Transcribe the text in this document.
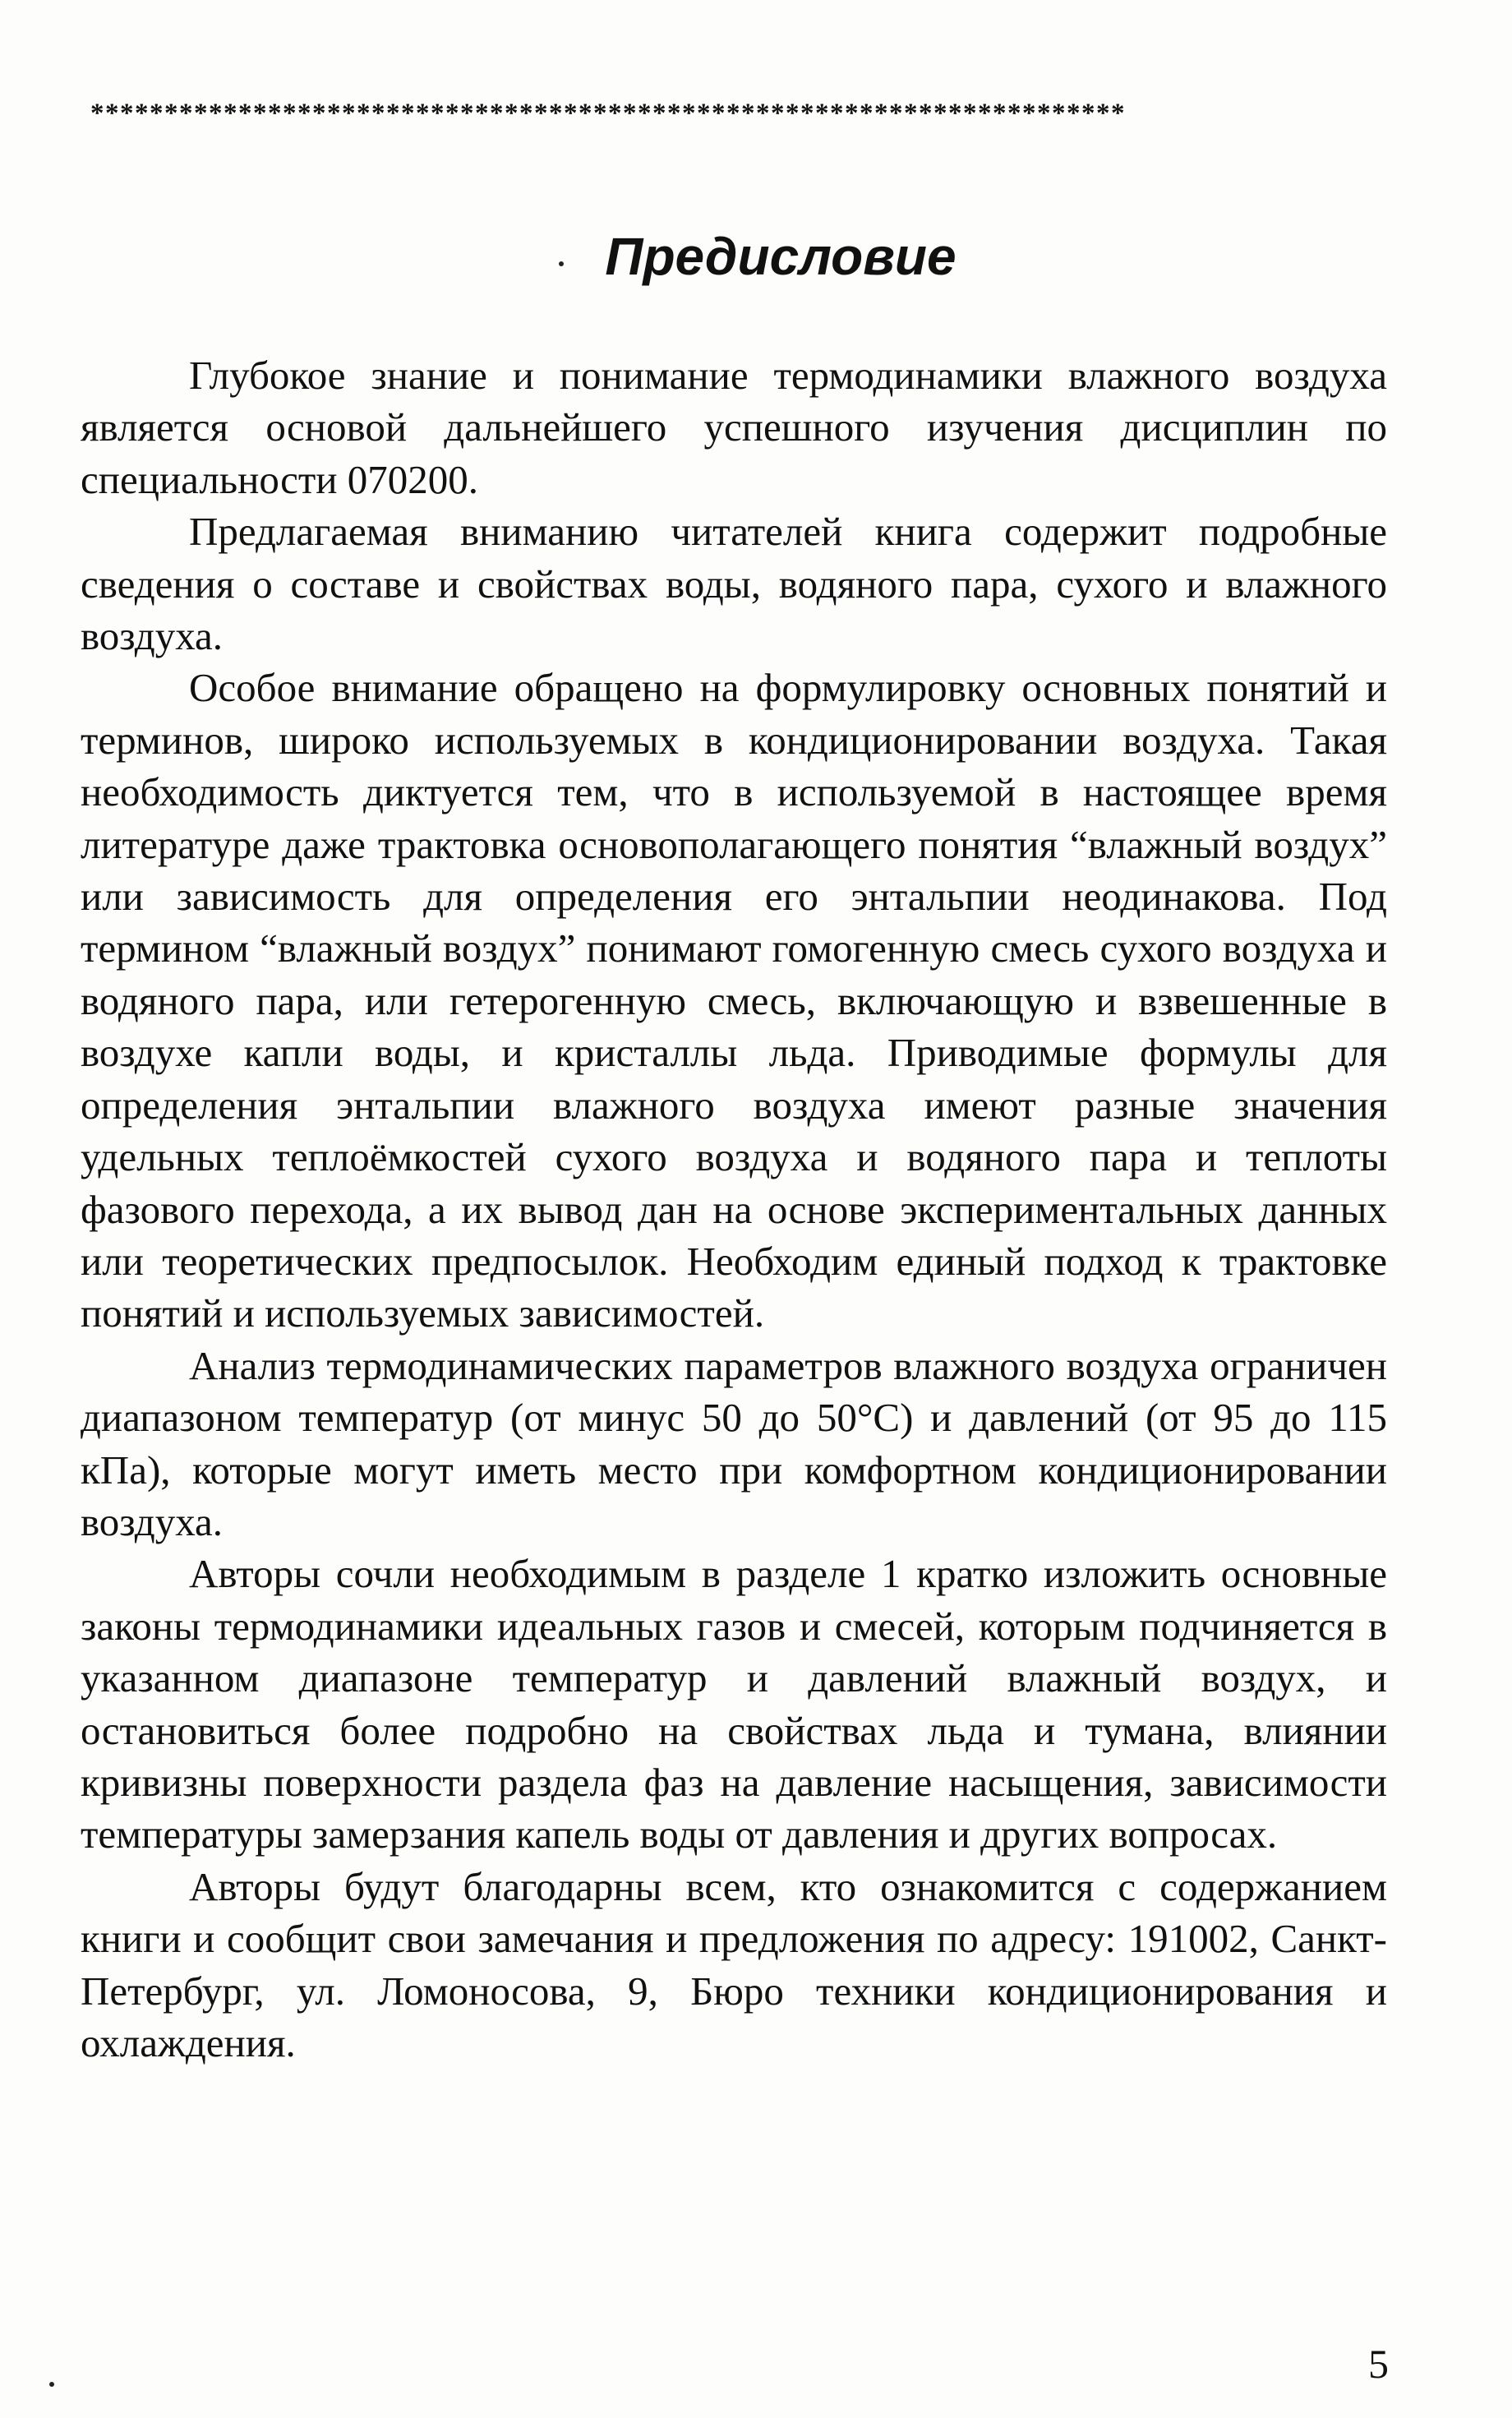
**********************************************************************
Предисловие

Глубокое знание и понимание термодинамики влажного воздуха является основой дальнейшего успешного изучения дисциплин по специальности 070200.

Предлагаемая вниманию читателей книга содержит подробные сведения о составе и свойствах воды, водяного пара, сухого и влажного воздуха.

Особое внимание обращено на формулировку основных понятий и терминов, широко используемых в кондиционировании воздуха. Такая необходимость диктуется тем, что в используемой в настоящее время литературе даже трактовка основополагающего понятия “влажный воздух” или зависимость для определения его энтальпии неодинакова. Под термином “влажный воздух” понимают гомогенную смесь сухого воздуха и водяного пара, или гетерогенную смесь, включающую и взвешенные в воздухе капли воды, и кристаллы льда. Приводимые формулы для определения энтальпии влажного воздуха имеют разные значения удельных теплоёмкостей сухого воздуха и водяного пара и теплоты фазового перехода, а их вывод дан на основе экспериментальных данных или теоретических предпосылок. Необходим единый подход к трактовке понятий и используемых зависимостей.

Анализ термодинамических параметров влажного воздуха ограничен диапазоном температур (от минус 50 до 50°С) и давлений (от 95 до 115 кПа), которые могут иметь место при комфортном кондиционировании воздуха.

Авторы сочли необходимым в разделе 1 кратко изложить основные законы термодинамики идеальных газов и смесей, которым подчиняется в указанном диапазоне температур и давлений влажный воздух, и остановиться более подробно на свойствах льда и тумана, влиянии кривизны поверхности раздела фаз на давление насыщения, зависимости температуры замерзания капель воды от давления и других вопросах.

Авторы будут благодарны всем, кто ознакомится с содержанием книги и сообщит свои замечания и предложения по адресу: 191002, Санкт-Петербург, ул. Ломоносова, 9, Бюро техники кондиционирования и охлаждения.

5
